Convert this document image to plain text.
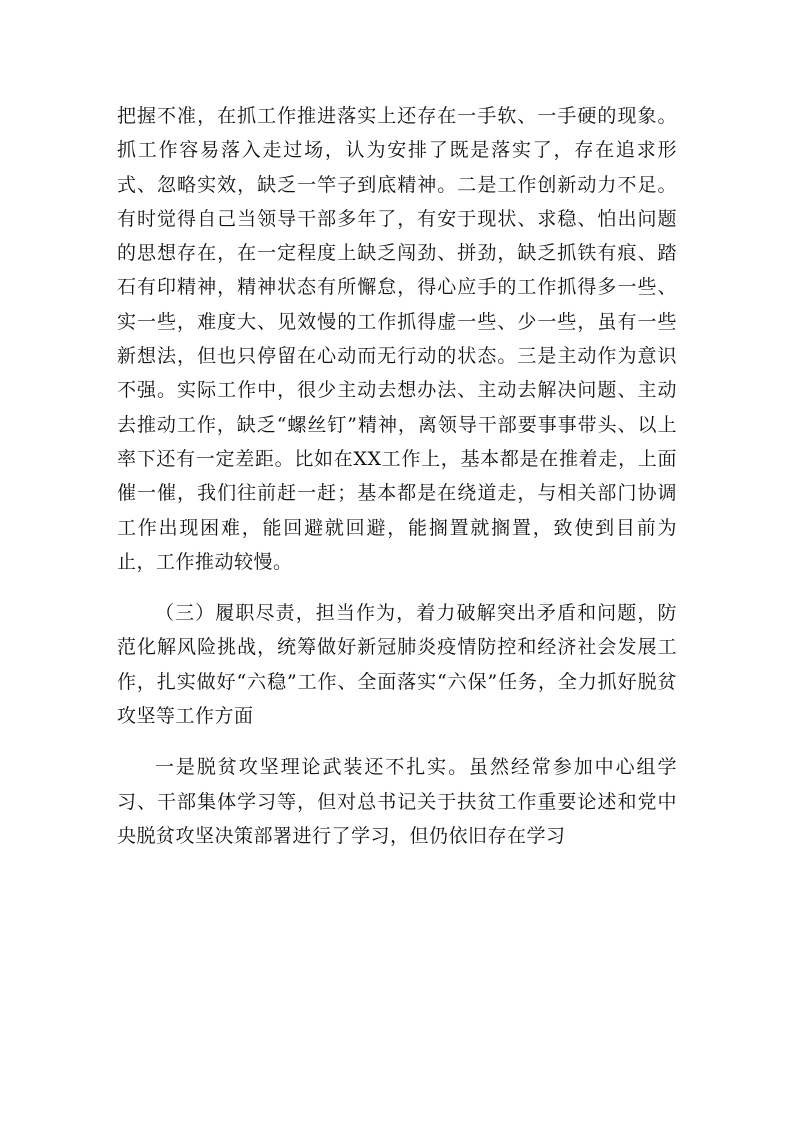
把握不准，在抓工作推进落实上还存在一手软、一手硬的现象。抓工作容易落入走过场，认为安排了既是落实了，存在追求形式、忽略实效，缺乏一竿子到底精神。二是工作创新动力不足。有时觉得自己当领导干部多年了，有安于现状、求稳、怕出问题的思想存在，在一定程度上缺乏闯劲、拼劲，缺乏抓铁有痕、踏石有印精神，精神状态有所懈怠，得心应手的工作抓得多一些、实一些，难度大、见效慢的工作抓得虚一些、少一些，虽有一些新想法，但也只停留在心动而无行动的状态。三是主动作为意识不强。实际工作中，很少主动去想办法、主动去解决问题、主动去推动工作，缺乏“螺丝钉”精神，离领导干部要事事带头、以上率下还有一定差距。比如在XX工作上，基本都是在推着走，上面催一催，我们往前赶一赶；基本都是在绕道走，与相关部门协调工作出现困难，能回避就回避，能搁置就搁置，致使到目前为止，工作推动较慢。

（三）履职尽责，担当作为，着力破解突出矛盾和问题，防范化解风险挑战，统筹做好新冠肺炎疫情防控和经济社会发展工作，扎实做好“六稳”工作、全面落实“六保”任务，全力抓好脱贫攻坚等工作方面

一是脱贫攻坚理论武装还不扎实。虽然经常参加中心组学习、干部集体学习等，但对总书记关于扶贫工作重要论述和党中央脱贫攻坚决策部署进行了学习，但仍依旧存在学习
